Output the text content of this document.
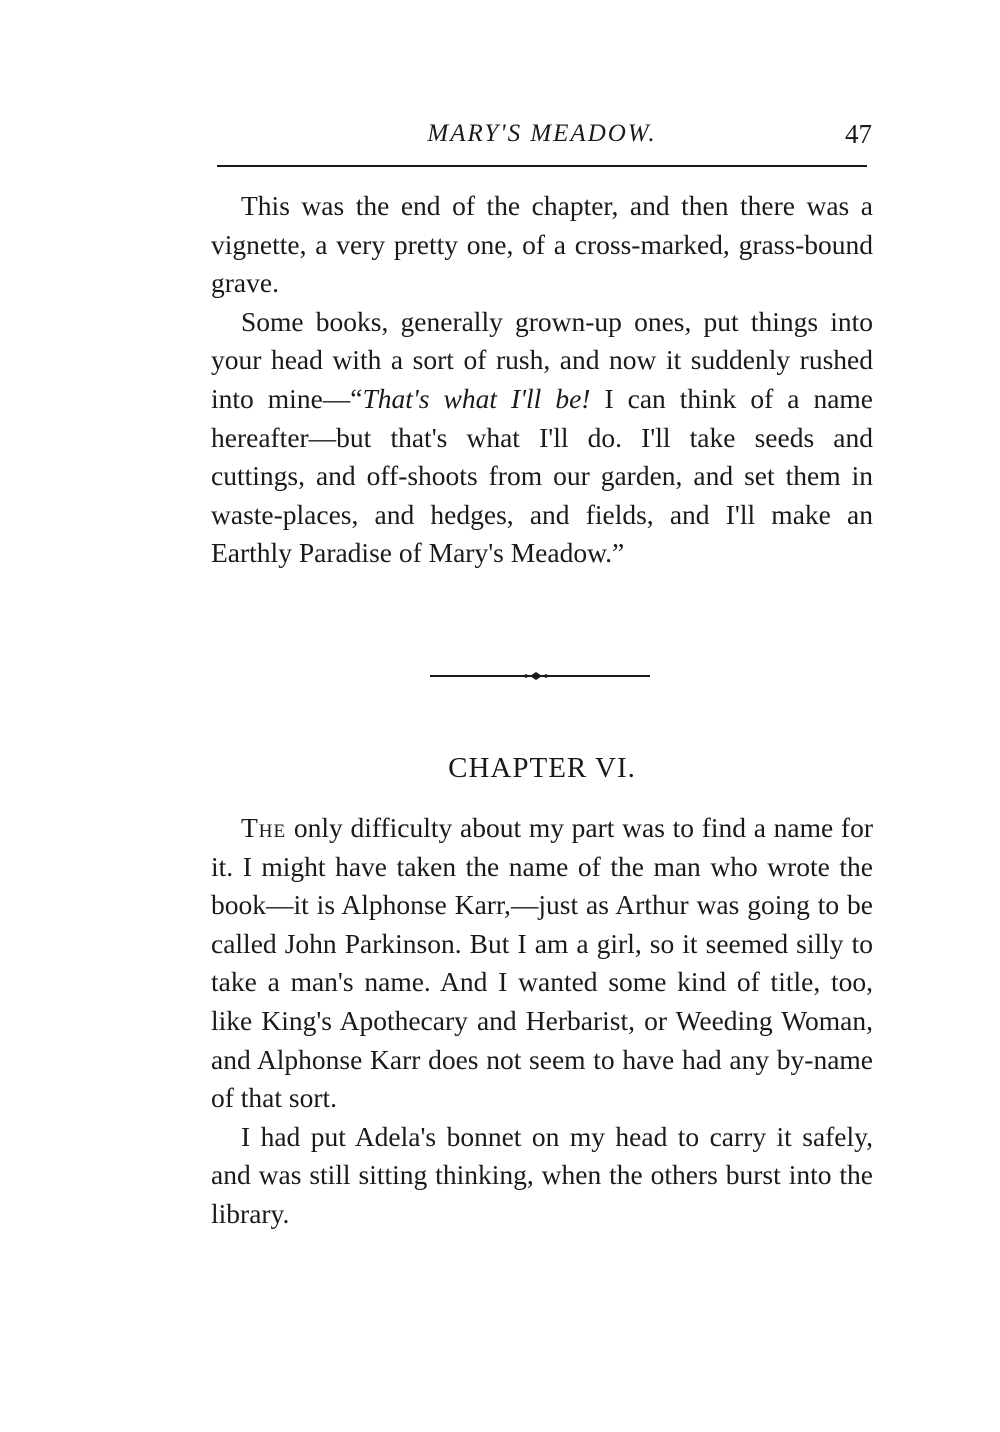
MARY'S MEADOW.	47

This was the end of the chapter, and then there was a vignette, a very pretty one, of a cross-marked, grass-bound grave.

Some books, generally grown-up ones, put things into your head with a sort of rush, and now it suddenly rushed into mine—“That's what I'll be! I can think of a name hereafter—but that's what I'll do. I'll take seeds and cuttings, and off-shoots from our garden, and set them in waste-places, and hedges, and fields, and I'll make an Earthly Paradise of Mary's Meadow.”

CHAPTER VI.

The only difficulty about my part was to find a name for it. I might have taken the name of the man who wrote the book—it is Alphonse Karr,—just as Arthur was going to be called John Parkinson. But I am a girl, so it seemed silly to take a man's name. And I wanted some kind of title, too, like King's Apothecary and Herbarist, or Weeding Woman, and Alphonse Karr does not seem to have had any by-name of that sort.

I had put Adela's bonnet on my head to carry it safely, and was still sitting thinking, when the others burst into the library.
